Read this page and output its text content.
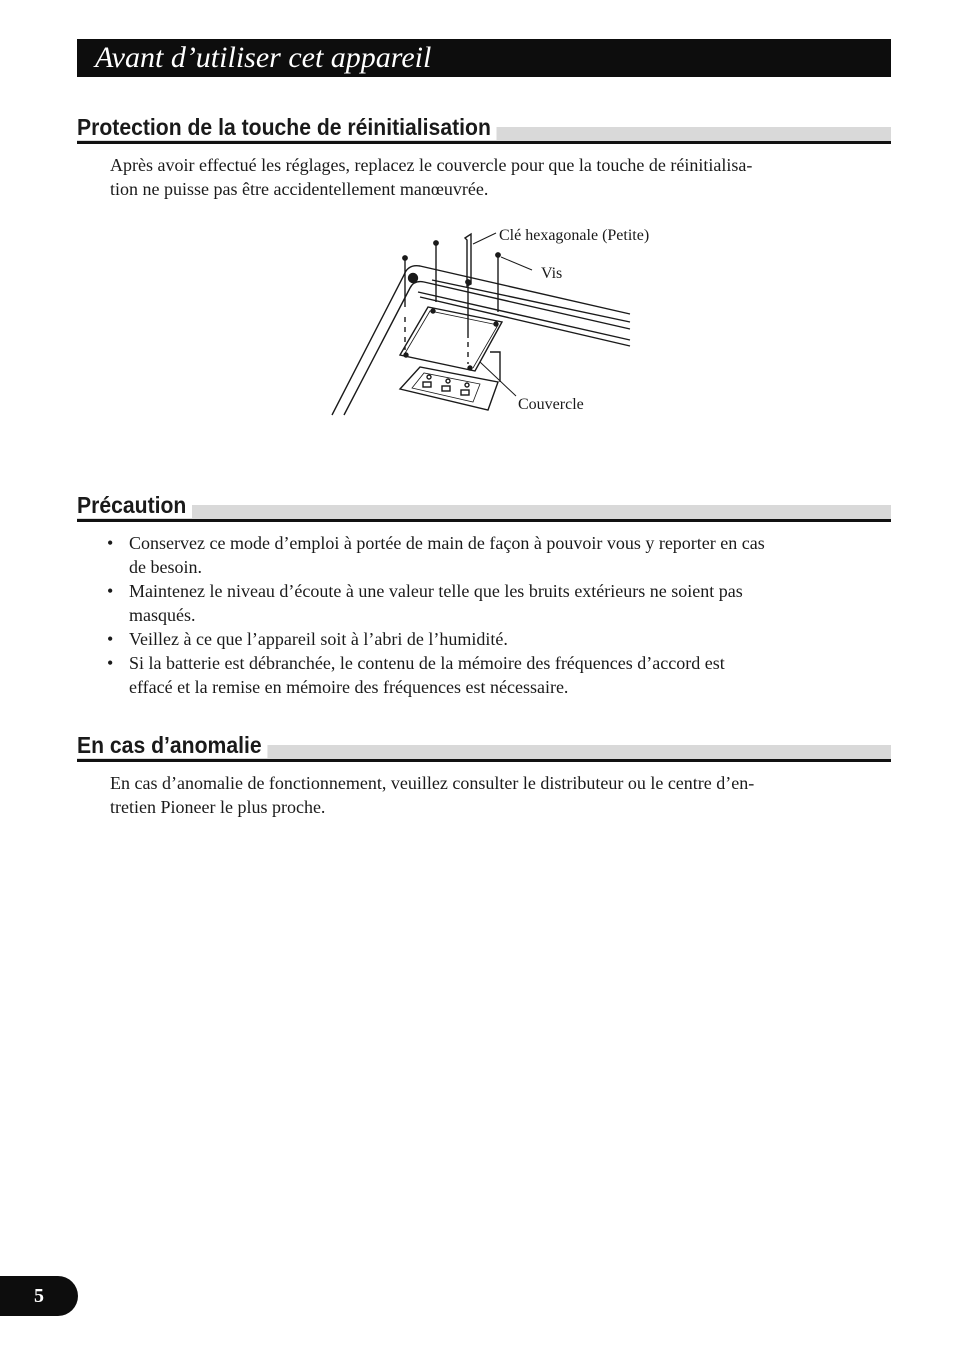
Avant d’utiliser cet appareil
Protection de la touche de réinitialisation

Après avoir effectué les réglages, replacez le couvercle pour que la touche de réinitialisa-
tion ne puisse pas être accidentellement manœuvrée.

Clé hexagonale (Petite)
Vis
Couvercle
Précaution
• Conservez ce mode d’emploi à portée de main de façon à pouvoir vous y reporter en cas
de besoin.
• Maintenez le niveau d’écoute à une valeur telle que les bruits extérieurs ne soient pas
masqués.
• Veillez à ce que l’appareil soit à l’abri de l’humidité.
• Si la batterie est débranchée, le contenu de la mémoire des fréquences d’accord est
effacé et la remise en mémoire des fréquences est nécessaire.
En cas d’anomalie

En cas d’anomalie de fonctionnement, veuillez consulter le distributeur ou le centre d’en-
tretien Pioneer le plus proche.

5
